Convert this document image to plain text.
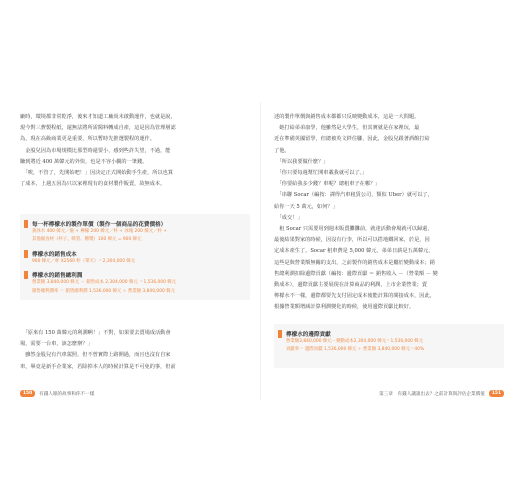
廠時，環境都非常乾淨，後來才知道工廠尚未啟動運作，也就是說，

現今對三費製程紙，還無法將所需醫料轉成自產，這是因為管理層認

為，現在高級商業更是重要，所以暫時先推選製程的運作。

　金股兒因為市場規模比那型時還要小，感到些許失望，不過，能

賺到將近 400 萬韓元的外快，也是不容小覷的一筆錢。

　「唉，不管了，先開始吧！」因決定正式開始動手生產，所以也算

了成本，上週五因為只以家裡現有的食材製作販賣，故無成本。

每一杯檸檬水的製作單價（製作一個商品的花費價格）
黃冰水 400 韓元／瓶 + 檸檬 200 韓元／杯 + 冰塊 200 韓元／杯 +
其他副食材（杯子、吸管、糖漿）100 韓元 = 900 韓元
檸檬水的銷售成本
900 韓元／杯 X2560 杯（單天）＝2,304,000 韓元
檸檬水的銷售總利潤
營業額 3,840,000 韓元 － 銷售成本 2,304,000 韓元 ＝1,536,000 韓元
銷售總利潤率 ＝ 銷售總利潤 1,536,000 韓元 ÷ 營業額 3,840,000 韓元

　「原來有 150 萬韓元的利潤啊！」不對，如果要去賣場成活動會

場，需要一台車，該怎麼辦？」

　雖然金股兒有汽車駕照，但不曾實際上路開過，而且也沒有自家

車，畢竟是新手企業家，若除掉本人的時候計算是不可免的事，但前

150	有錢人眼的故事和你不一樣

述的製作單價與銷售成本都都只反映變動成本，這是一大問題。

　她打給弟弟康學，他雖然是大學生，但其實就是在家裡玩，最

近在準備英國留學，但總被英文絆住腳，因此，金股兒跟著酒館打給

了他。

　「所以我要做什麼？」

　「你只要每週幫忙開車載我就可以了。」

　「你要給我多少錢？車呢？總租車子在哪？」

　「串聯 Socar（編按：譯得汽車租賃公司，類似 Uber）就可以了，

給你一天 5 萬元，如何？」

　「成交！」

　租 Socar 只需要用到週末販賣攤攤前，就達活動會場就可以歸還，

最後結果對家的時候，因沒有行李，所以可以搭地鐵回家，於是，因

定成本產生了。Socar 租車費是 5,000 韓元，弟弟日薪是五萬韓元，

這些是與營業額無關的支出，之前製作的銷售成本是屬於變動成本；銷

售總利潤扣除邊際貢獻（編按：邊際貢獻 ＝ 銷售收入 －（營業額 － 變

動成本），邊際貢獻主要展現在計算商品的利潤，上市企業營業；賣

檸檬水不一樣，邊際都要先支付固定成本後能計算的間接成本，因此，

根據營業額增減計算利潤變化的時候，使用邊際貢獻比較好。

檸檬水的邊際貢獻
營業額3,840,000 韓元－變動成本2,304,000 韓元＝1,536,000 韓元
貢獻率＝ 邊際貢獻 1,536,000 韓元 ÷ 營業額 3,840,000 韓元＝40%
第三章　有錢人讓誰出去？之前計算與評估企業價值	151
